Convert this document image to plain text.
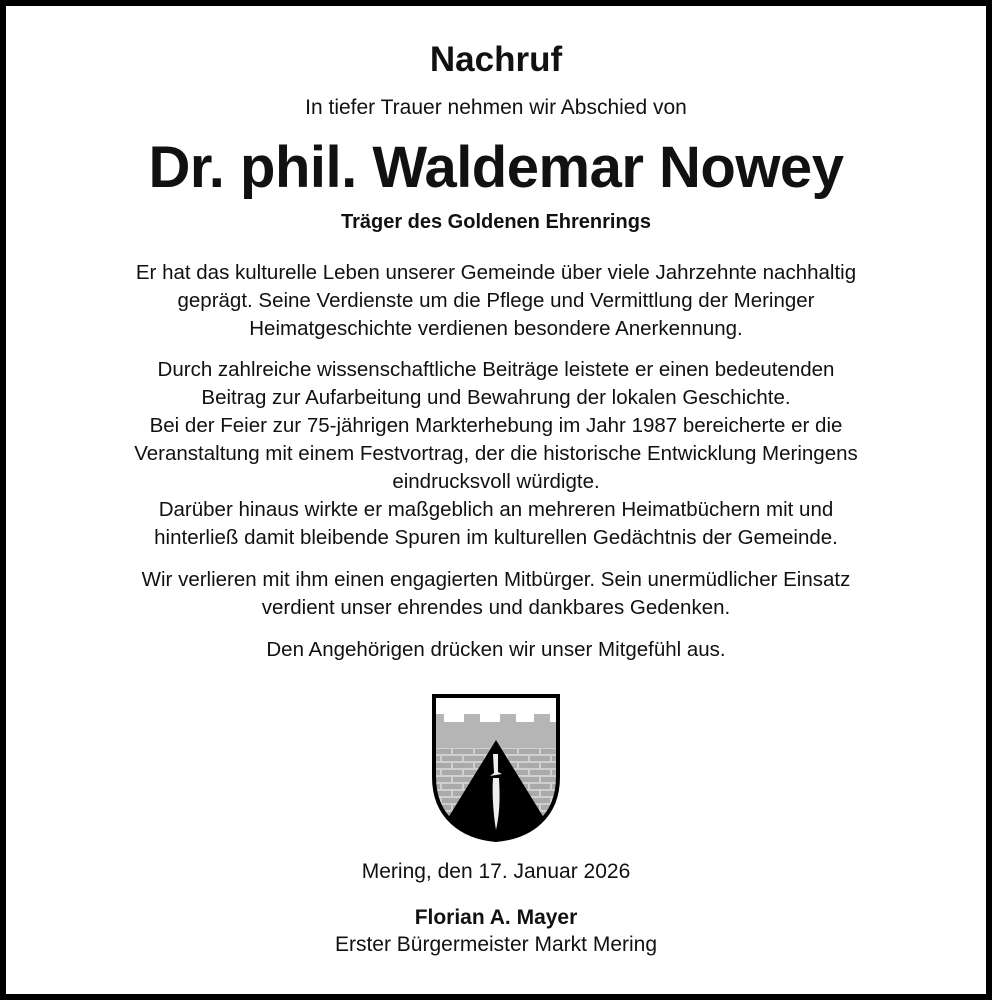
Nachruf
In tiefer Trauer nehmen wir Abschied von
Dr. phil. Waldemar Nowey
Träger des Goldenen Ehrenrings
Er hat das kulturelle Leben unserer Gemeinde über viele Jahrzehnte nachhaltig
geprägt. Seine Verdienste um die Pflege und Vermittlung der Meringer
Heimatgeschichte verdienen besondere Anerkennung.
Durch zahlreiche wissenschaftliche Beiträge leistete er einen bedeutenden
Beitrag zur Aufarbeitung und Bewahrung der lokalen Geschichte.
Bei der Feier zur 75-jährigen Markterhebung im Jahr 1987 bereicherte er die
Veranstaltung mit einem Festvortrag, der die historische Entwicklung Meringens
eindrucksvoll würdigte.
Darüber hinaus wirkte er maßgeblich an mehreren Heimatbüchern mit und
hinterließ damit bleibende Spuren im kulturellen Gedächtnis der Gemeinde.
Wir verlieren mit ihm einen engagierten Mitbürger. Sein unermüdlicher Einsatz
verdient unser ehrendes und dankbares Gedenken.
Den Angehörigen drücken wir unser Mitgefühl aus.
Mering, den 17. Januar 2026
Florian A. Mayer
Erster Bürgermeister Markt Mering
